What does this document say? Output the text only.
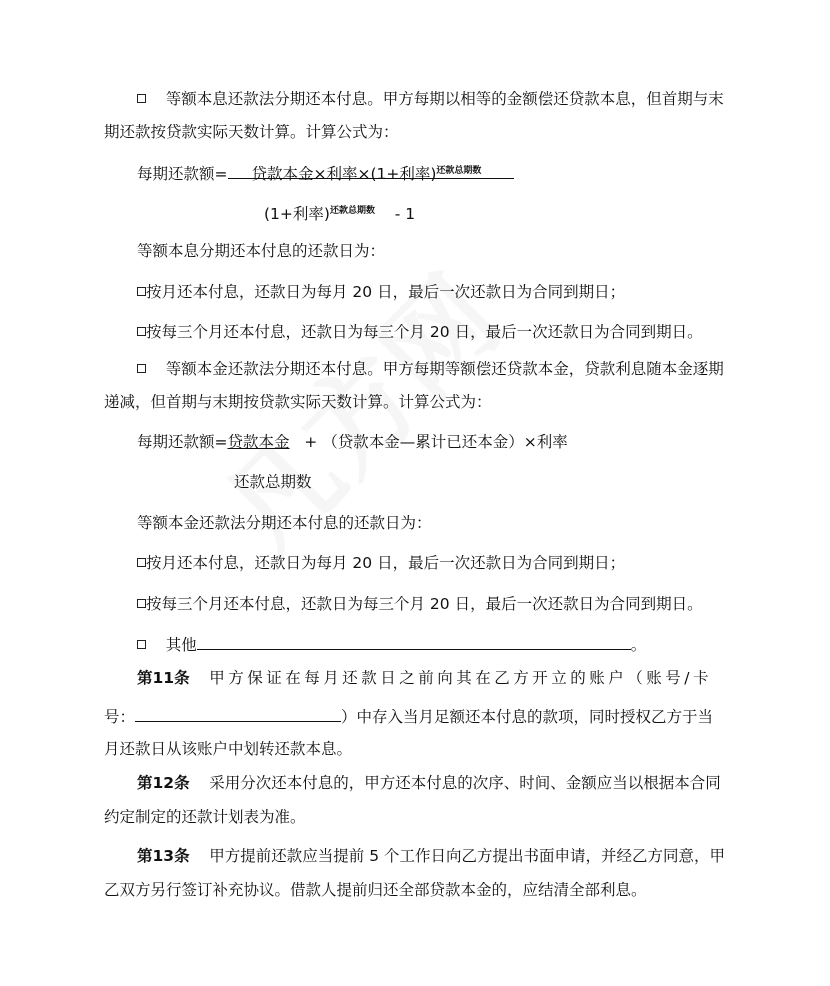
等额本息还款法分期还本付息。甲方每期以相等的金额偿还贷款本息，但首期与末
期还款按贷款实际天数计算。计算公式为：
每期还款额= 贷款本金×利率×(1+利率)$^{还款总期数}$
(1+利率)$^{还款总期数}$ - 1
等额本息分期还本付息的还款日为：
按月还本付息，还款日为每月 20 日，最后一次还款日为合同到期日；
按每三个月还本付息，还款日为每三个月 20 日，最后一次还款日为合同到期日。
等额本金还款法分期还本付息。甲方每期等额偿还贷款本金，贷款利息随本金逐期
递减，但首期与末期按贷款实际天数计算。计算公式为：
每期还款额=贷款本金 + （贷款本金—累计已还本金）×利率
还款总期数
等额本金还款法分期还本付息的还款日为：
按月还本付息，还款日为每月 20 日，最后一次还款日为合同到期日；
按每三个月还本付息，还款日为每三个月 20 日，最后一次还款日为合同到期日。
其他	。
第11条 甲方保证在每月还款日之前向其在乙方开立的账户（账号/卡
号：	）中存入当月足额还本付息的款项，同时授权乙方于当
月还款日从该账户中划转还款本息。
第12条 采用分次还本付息的，甲方还本付息的次序、时间、金额应当以根据本合同
约定制定的还款计划表为准。
第13条 甲方提前还款应当提前 5 个工作日向乙方提出书面申请，并经乙方同意，甲
乙双方另行签订补充协议。借款人提前归还全部贷款本金的，应结清全部利息。
